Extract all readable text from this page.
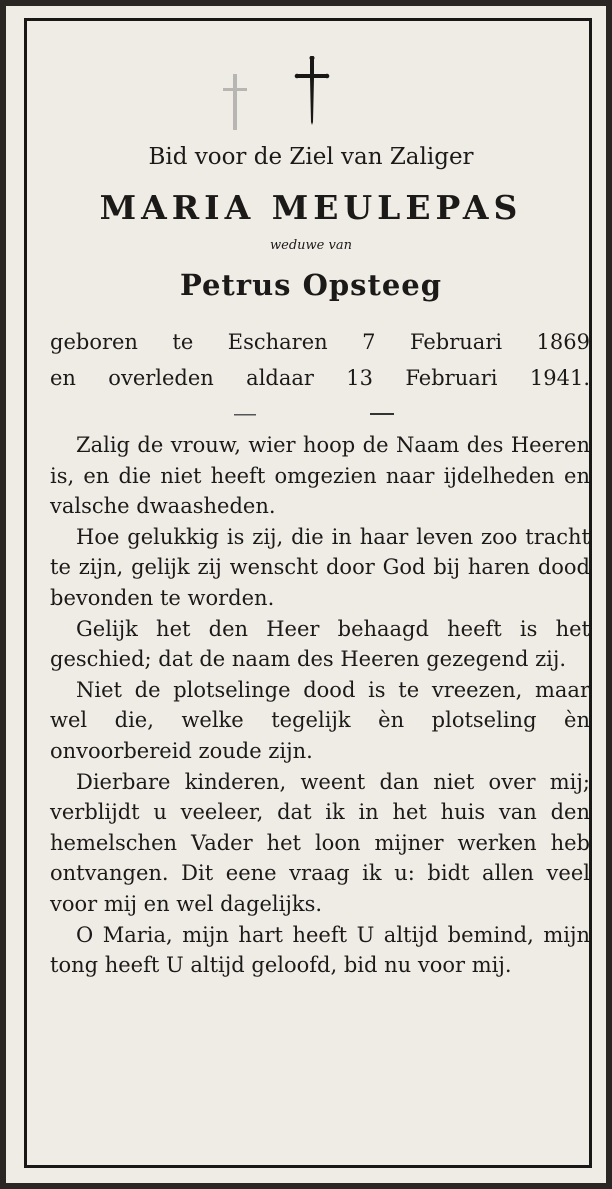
Bid voor de Ziel van Zaliger
MARIA MEULEPAS
weduwe van
Petrus Opsteeg
geboren te Escharen 7 Februari 1869
en overleden aldaar 13 Februari 1941.

Zalig de vrouw, wier hoop de Naam des Heeren is, en die niet heeft omgezien naar ijdelheden en valsche dwaasheden.

Hoe gelukkig is zij, die in haar leven zoo tracht te zijn, gelijk zij wenscht door God bij haren dood bevonden te worden.

Gelijk het den Heer behaagd heeft is het geschied; dat de naam des Heeren gezegend zij.

Niet de plotselinge dood is te vreezen, maar wel die, welke tegelijk èn plotseling èn onvoorbereid zoude zijn.

Dierbare kinderen, weent dan niet over mij; verblijdt u veeleer, dat ik in het huis van den hemelschen Vader het loon mijner werken heb ontvangen. Dit eene vraag ik u: bidt allen veel voor mij en wel dagelijks.

O Maria, mijn hart heeft U altijd bemind, mijn tong heeft U altijd geloofd, bid nu voor mij.
